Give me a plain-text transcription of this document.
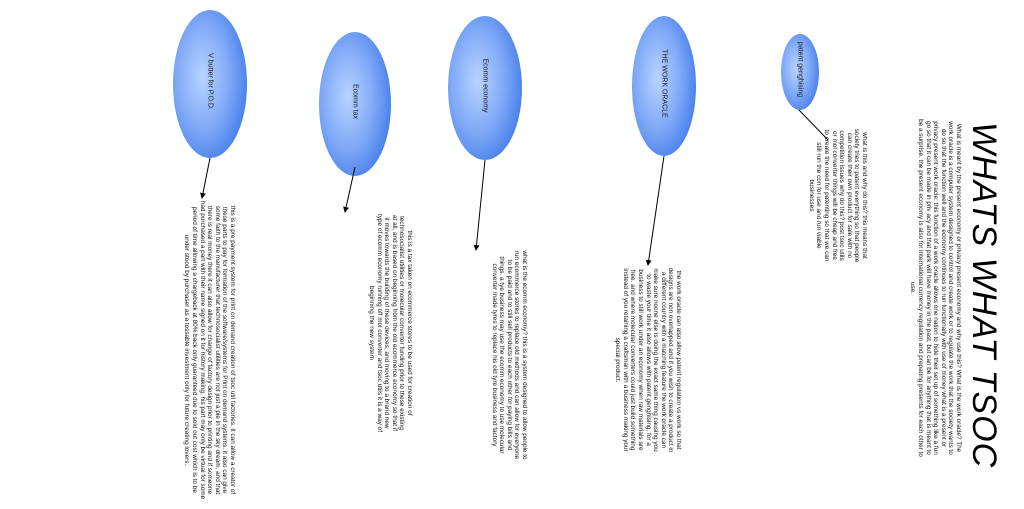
patent genghising
THE WORK ORACLE
Ecomm economy
Ecomm tax
V butter for P.O.D.
WHATS WHAT TSOC
What is meant by the present economy or privacy present economy and why use this? What is the work oracle? The work oracle is a computer system designed to control and create work or to regulate the work that the society wants to do so that the function well and the economy continues to run functionally with use of money what is a present or privacy present work oracle: this function of a work oracle allows one nation to hide their set up of something like a fun go so that it can be made in priv acy and that park will have money in the past, but can be for anything that is meant to be a surprise. the present economy is also for international currency regulation and preparing presents for each other to use.
what is this and why do this? this means that society tries to patent everything so that people can create their own product for sale with no competition issues why do this? post tsoc utils or mol converter things will be cheap and free to create the need for patenting so that we can still run the con for use and run viable businesses
the work oracle can also allow patent regulation vs work so that designs are non overlapped and if you wish to create a product in a different country with a matching feature the work oracle can make sure noone else is doing the exact same thing causing you to waste your time it also allows with patent genghising, for a business to still work under an economy when raw materials are free. and where molecular converters could just build something instead of you retaining a craftsman with a business making your special product.
what is the ecomm economy? this is a system designed to allow people to run ecommerce stores to replace old methods and can allow for everyone to be paid and to still sell products to each other for paying bills and things. a tye business may use the ecomm economy to use molecular converter made tyres to replace his old tyre business and factory
this is a tax taken on ecommerce stores to be used for creation of technosocialist utilities or molecular converter funding prior to these existing at all, and is based on beginning from the old ecommerce economy so that if it moves towards the building of these devices, and moving to a brand new type of ecomm economy running off mol converter and tsoc utils it is a way of beginning the new system
this is a pre payment system for print on demand creation of tsoc util factories. it can allow a creator of these parts to pay for formation of the software/systems for Print on demand systems. it also can give some faith to the manufacturer that technosocialist utilities are not just a pie in the sky dream, and that there is real money there it can also allow for change of factory design prior to printing and if someone had purchased a part with their name signed on it for history making, his part may only be virtual for some period of time allowing a chargeback at 80% back only guaranteed due to sold out cost which is to be under stood by purchaser as a tossable investment only for future creating lovers.
